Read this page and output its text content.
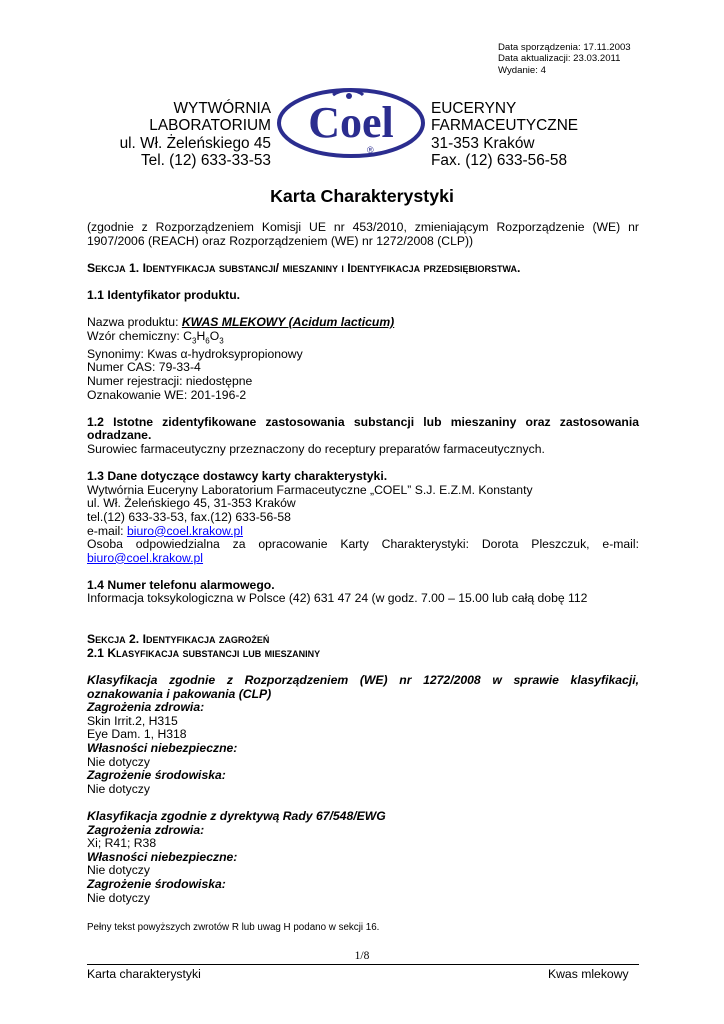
Data sporządzenia: 17.11.2003
Data aktualizacji: 23.03.2011
Wydanie: 4
WYTWÓRNIA
LABORATORIUM
ul. Wł. Żeleńskiego 45
Tel. (12) 633-33-53
Coel
®
EUCERYNY
FARMACEUTYCZNE
31-353 Kraków
Fax. (12) 633-56-58
Karta Charakterystyki

(zgodnie z Rozporządzeniem Komisji UE nr 453/2010, zmieniającym Rozporządzenie (WE) nr 1907/2006 (REACH) oraz Rozporządzeniem (WE) nr 1272/2008 (CLP))

Sekcja 1. Identyfikacja substancji/ mieszaniny i Identyfikacja przedsiębiorstwa.

1.1 Identyfikator produktu.

Nazwa produktu: KWAS MLEKOWY (Acidum lacticum)

Wzór chemiczny: $C_3H_6O_3$

Synonimy: Kwas α-hydroksypropionowy

Numer CAS: 79-33-4

Numer rejestracji: niedostępne

Oznakowanie WE: 201-196-2

1.2 Istotne zidentyfikowane zastosowania substancji lub mieszaniny oraz zastosowania

odradzane.

Surowiec farmaceutyczny przeznaczony do receptury preparatów farmaceutycznych.

1.3 Dane dotyczące dostawcy karty charakterystyki.

Wytwórnia Euceryny Laboratorium Farmaceutyczne „COEL” S.J. E.Z.M. Konstanty

ul. Wł. Żeleńskiego 45, 31-353 Kraków

tel.(12) 633-33-53, fax.(12) 633-56-58

e-mail: biuro@coel.krakow.pl

Osoba odpowiedzialna za opracowanie Karty Charakterystyki: Dorota Pleszczuk, e-mail:

biuro@coel.krakow.pl

1.4 Numer telefonu alarmowego.

Informacja toksykologiczna w Polsce (42) 631 47 24 (w godz. 7.00 – 15.00 lub całą dobę 112

Sekcja 2. Identyfikacja zagrożeń

2.1 Klasyfikacja substancji lub mieszaniny

Klasyfikacja zgodnie z Rozporządzeniem (WE) nr 1272/2008 w sprawie klasyfikacji,

oznakowania i pakowania (CLP)

Zagrożenia zdrowia:

Skin Irrit.2, H315

Eye Dam. 1, H318

Własności niebezpieczne:

Nie dotyczy

Zagrożenie środowiska:

Nie dotyczy

Klasyfikacja zgodnie z dyrektywą Rady 67/548/EWG

Zagrożenia zdrowia:

Xi; R41; R38

Własności niebezpieczne:

Nie dotyczy

Zagrożenie środowiska:

Nie dotyczy

Pełny tekst powyższych zwrotów R lub uwag H podano w sekcji 16.

1/8
Karta charakterystyki	Kwas mlekowy
